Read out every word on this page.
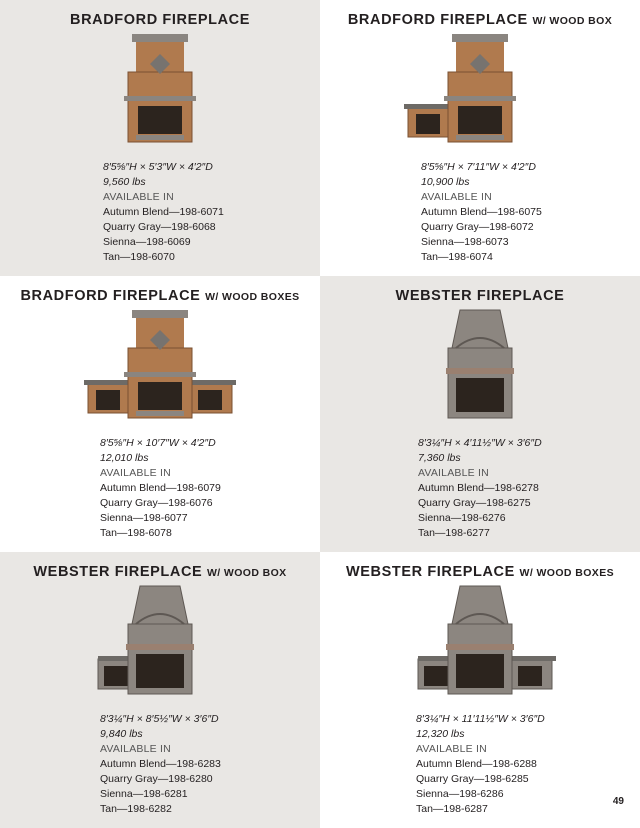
BRADFORD FIREPLACE
8′5⅝″H × 5′3″W × 4′2″D
9,560 lbs
AVAILABLE IN
Autumn Blend—198-6071
Quarry Gray—198-6068
Sienna—198-6069
Tan—198-6070
BRADFORD FIREPLACE W/ WOOD BOX
8′5⅝″H × 7′11″W × 4′2″D
10,900 lbs
AVAILABLE IN
Autumn Blend—198-6075
Quarry Gray—198-6072
Sienna—198-6073
Tan—198-6074
BRADFORD FIREPLACE W/ WOOD BOXES
8′5⅝″H × 10′7″W × 4′2″D
12,010 lbs
AVAILABLE IN
Autumn Blend—198-6079
Quarry Gray—198-6076
Sienna—198-6077
Tan—198-6078
WEBSTER FIREPLACE
8′3¼″H × 4′11½″W × 3′6″D
7,360 lbs
AVAILABLE IN
Autumn Blend—198-6278
Quarry Gray—198-6275
Sienna—198-6276
Tan—198-6277
WEBSTER FIREPLACE W/ WOOD BOX
8′3¼″H × 8′5½″W × 3′6″D
9,840 lbs
AVAILABLE IN
Autumn Blend—198-6283
Quarry Gray—198-6280
Sienna—198-6281
Tan—198-6282
WEBSTER FIREPLACE W/ WOOD BOXES
8′3¼″H × 11′11½″W × 3′6″D
12,320 lbs
AVAILABLE IN
Autumn Blend—198-6288
Quarry Gray—198-6285
Sienna—198-6286
Tan—198-6287
49
